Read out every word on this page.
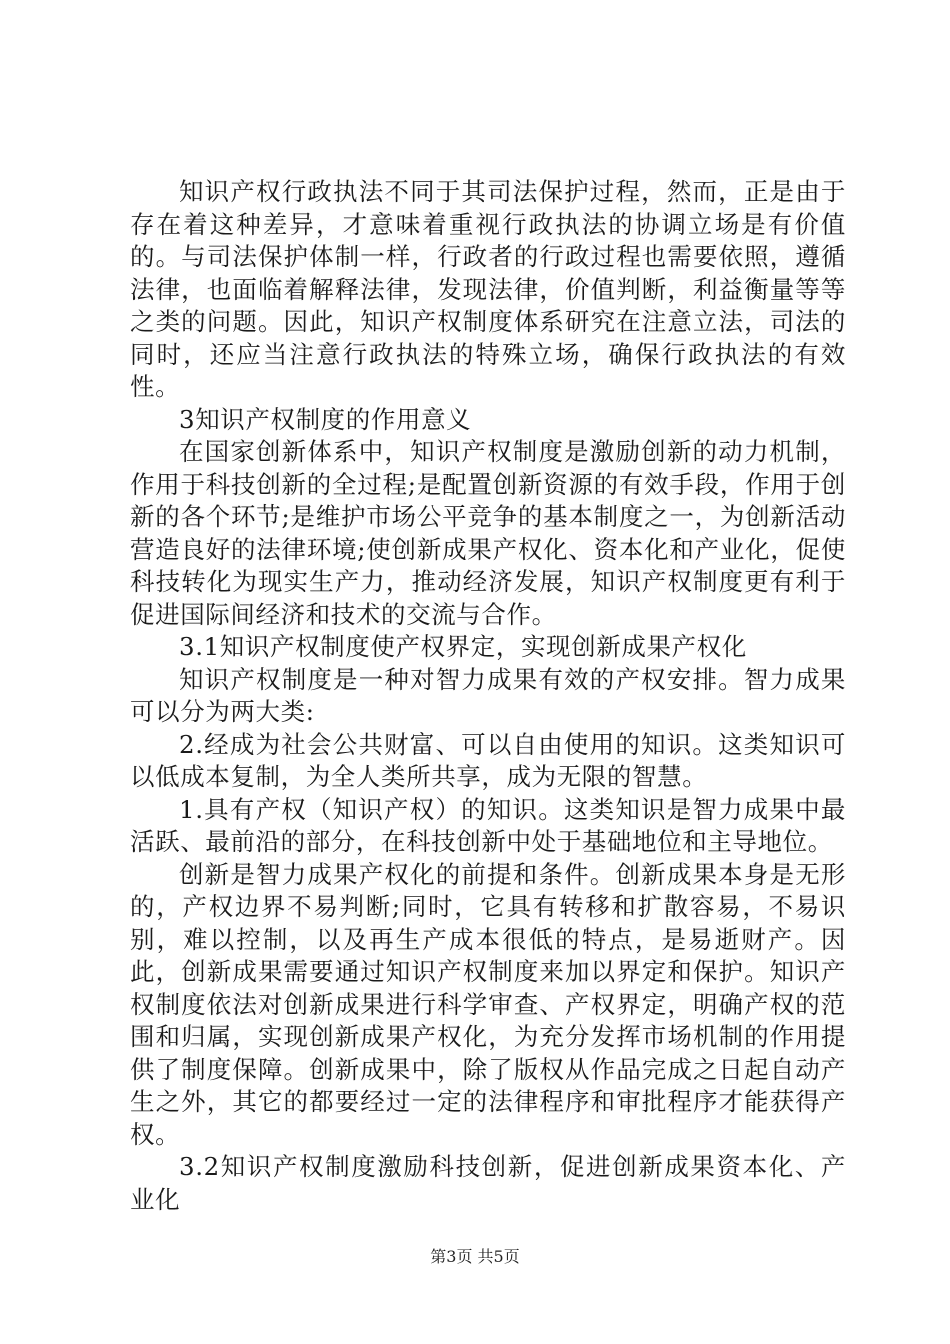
知识产权行政执法不同于其司法保护过程，然而，正是由于存在着这种差异，才意味着重视行政执法的协调立场是有价值的。与司法保护体制一样，行政者的行政过程也需要依照，遵循法律，也面临着解释法律，发现法律，价值判断，利益衡量等等之类的问题。因此，知识产权制度体系研究在注意立法，司法的同时，还应当注意行政执法的特殊立场，确保行政执法的有效性。

3知识产权制度的作用意义

在国家创新体系中，知识产权制度是激励创新的动力机制，作用于科技创新的全过程;是配置创新资源的有效手段，作用于创新的各个环节;是维护市场公平竞争的基本制度之一，为创新活动营造良好的法律环境;使创新成果产权化、资本化和产业化，促使科技转化为现实生产力，推动经济发展，知识产权制度更有利于促进国际间经济和技术的交流与合作。

3.1知识产权制度使产权界定，实现创新成果产权化

知识产权制度是一种对智力成果有效的产权安排。智力成果可以分为两大类:

2.经成为社会公共财富、可以自由使用的知识。这类知识可以低成本复制，为全人类所共享，成为无限的智慧。

1.具有产权（知识产权）的知识。这类知识是智力成果中最活跃、最前沿的部分，在科技创新中处于基础地位和主导地位。

创新是智力成果产权化的前提和条件。创新成果本身是无形的，产权边界不易判断;同时，它具有转移和扩散容易，不易识别，难以控制，以及再生产成本很低的特点，是易逝财产。因此，创新成果需要通过知识产权制度来加以界定和保护。知识产权制度依法对创新成果进行科学审查、产权界定，明确产权的范围和归属，实现创新成果产权化，为充分发挥市场机制的作用提供了制度保障。创新成果中，除了版权从作品完成之日起自动产生之外，其它的都要经过一定的法律程序和审批程序才能获得产权。

3.2知识产权制度激励科技创新，促进创新成果资本化、产业化

第3页 共5页
